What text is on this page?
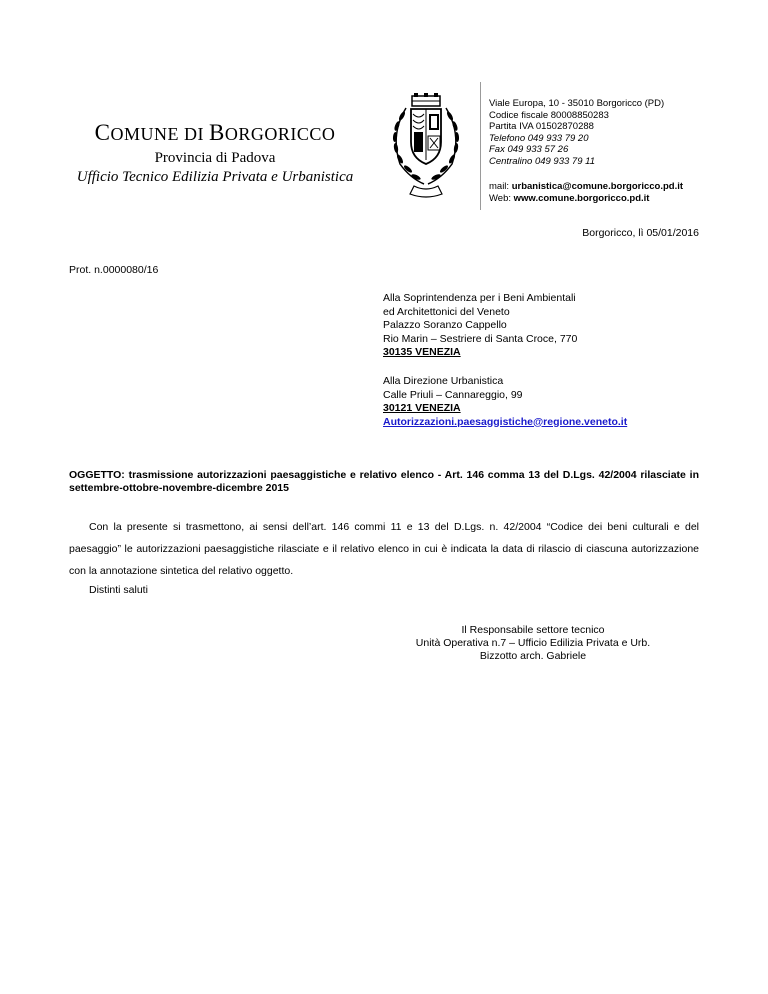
COMUNE DI BORGORICCO
Provincia di Padova
Ufficio Tecnico Edilizia Privata e Urbanistica
Viale Europa, 10 - 35010 Borgoricco (PD)
Codice fiscale 80008850283
Partita IVA 01502870288
Telefono 049 933 79 20
Fax 049 933 57 26
Centralino 049 933 79 11
mail: urbanistica@comune.borgoricco.pd.it
Web: www.comune.borgoricco.pd.it
Borgoricco, lì 05/01/2016
Prot. n.0000080/16
Alla Soprintendenza per i Beni Ambientali
ed Architettonici del Veneto
Palazzo Soranzo Cappello
Rio Marin – Sestriere di Santa Croce, 770
30135 VENEZIA
Alla Direzione Urbanistica
Calle Priuli – Cannareggio, 99
30121 VENEZIA
Autorizzazioni.paesaggistiche@regione.veneto.it
OGGETTO: trasmissione autorizzazioni paesaggistiche e relativo elenco - Art. 146 comma 13 del D.Lgs. 42/2004 rilasciate in settembre-ottobre-novembre-dicembre 2015
Con la presente si trasmettono, ai sensi dell’art. 146 commi 11 e 13 del D.Lgs. n. 42/2004 “Codice dei beni culturali e del paesaggio” le autorizzazioni paesaggistiche rilasciate e il relativo elenco in cui è indicata la data di rilascio di ciascuna autorizzazione con la annotazione sintetica del relativo oggetto.
Distinti saluti
Il Responsabile settore tecnico
Unità Operativa n.7 – Ufficio Edilizia Privata e Urb.
Bizzotto arch. Gabriele
